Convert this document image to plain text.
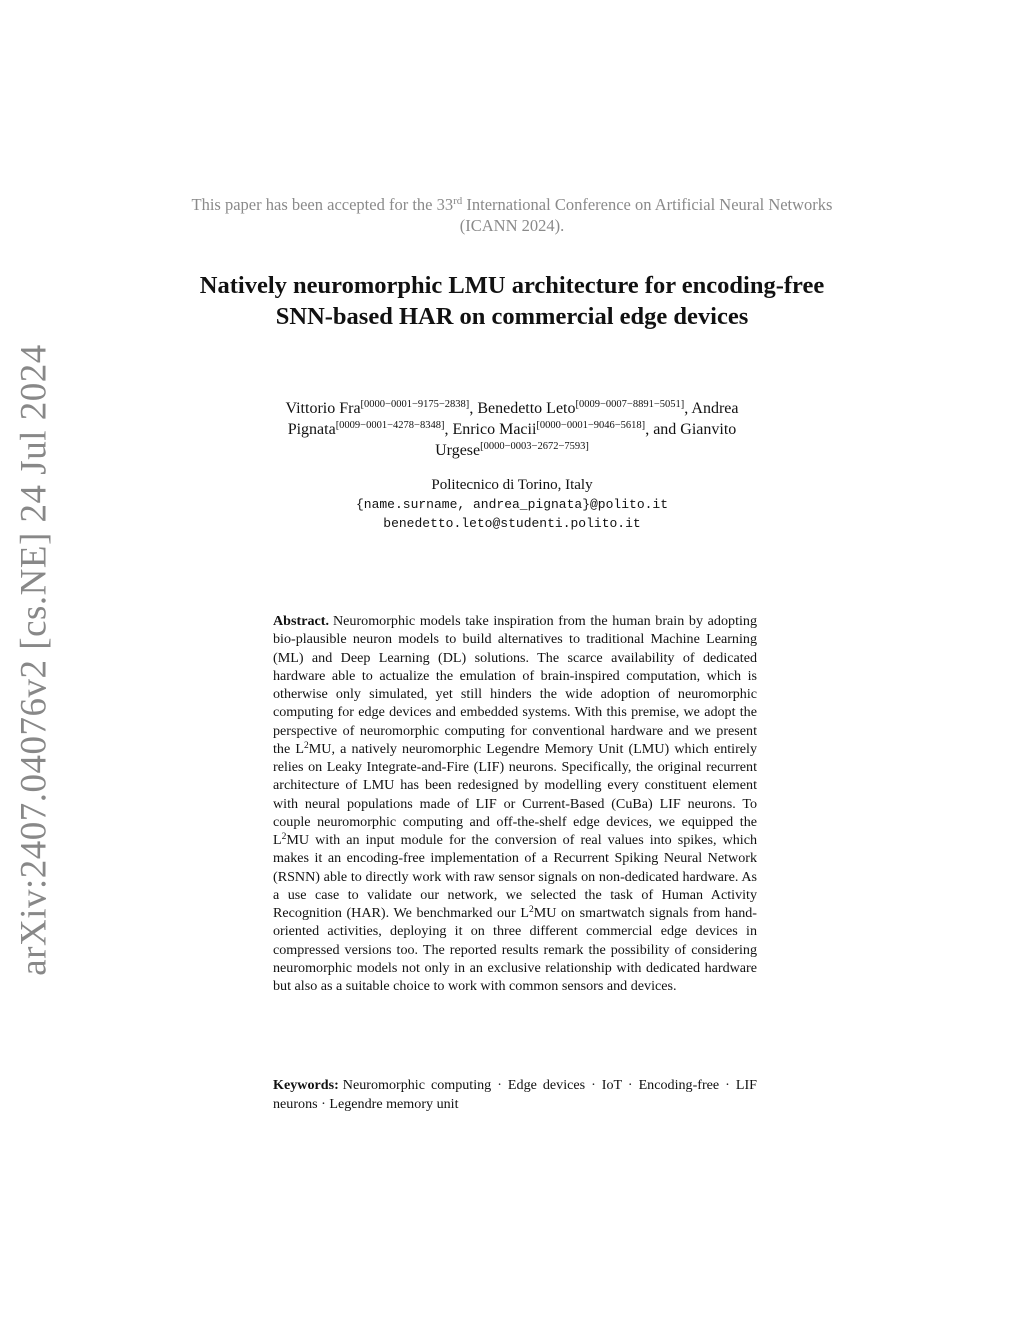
arXiv:2407.04076v2 [cs.NE] 24 Jul 2024
This paper has been accepted for the 33rd International Conference on Artificial Neural Networks (ICANN 2024).
Natively neuromorphic LMU architecture for encoding-free SNN-based HAR on commercial edge devices
Vittorio Fra[0000−0001−9175−2838], Benedetto Leto[0009−0007−8891−5051], Andrea Pignata[0009−0001−4278−8348], Enrico Macii[0000−0001−9046−5618], and Gianvito Urgese[0000−0003−2672−7593]
Politecnico di Torino, Italy
{name.surname, andrea_pignata}@polito.it
benedetto.leto@studenti.polito.it
Abstract. Neuromorphic models take inspiration from the human brain by adopting bio-plausible neuron models to build alternatives to traditional Machine Learning (ML) and Deep Learning (DL) solutions. The scarce availability of dedicated hardware able to actualize the emulation of brain-inspired computation, which is otherwise only simulated, yet still hinders the wide adoption of neuromorphic computing for edge devices and embedded systems. With this premise, we adopt the perspective of neuromorphic computing for conventional hardware and we present the $L^2MU$, a natively neuromorphic Legendre Memory Unit (LMU) which entirely relies on Leaky Integrate-and-Fire (LIF) neurons. Specifically, the original recurrent architecture of LMU has been redesigned by modelling every constituent element with neural populations made of LIF or Current-Based (CuBa) LIF neurons. To couple neuromorphic computing and off-the-shelf edge devices, we equipped the $L^2MU$ with an input module for the conversion of real values into spikes, which makes it an encoding-free implementation of a Recurrent Spiking Neural Network (RSNN) able to directly work with raw sensor signals on non-dedicated hardware. As a use case to validate our network, we selected the task of Human Activity Recognition (HAR). We benchmarked our $L^2MU$ on smartwatch signals from hand-oriented activities, deploying it on three different commercial edge devices in compressed versions too. The reported results remark the possibility of considering neuromorphic models not only in an exclusive relationship with dedicated hardware but also as a suitable choice to work with common sensors and devices.
Keywords: Neuromorphic computing · Edge devices · IoT · Encoding-free · LIF neurons · Legendre memory unit
